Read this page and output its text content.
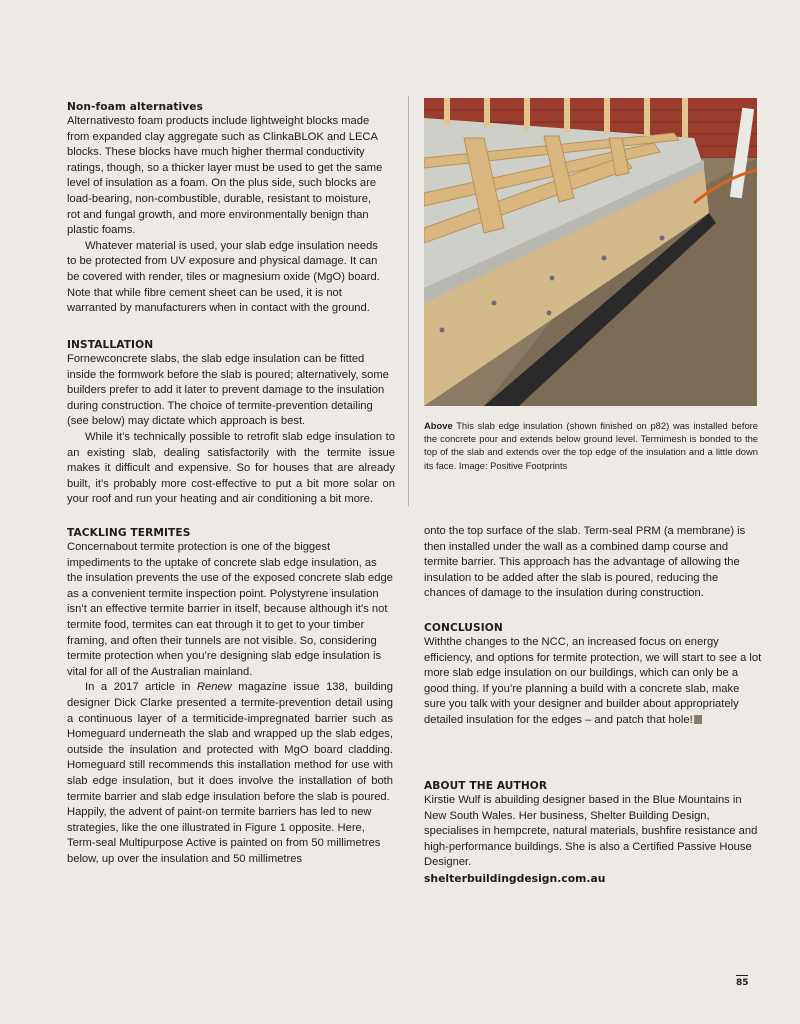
Non-foam alternatives

Alternativesto foam products include lightweight blocks made from expanded clay aggregate such as ClinkaBLOK and LECA blocks. These blocks have much higher thermal conductivity ratings, though, so a thicker layer must be used to get the same level of insulation as a foam. On the plus side, such blocks are load-bearing, non-combustible, durable, resistant to moisture, rot and fungal growth, and more environmentally benign than plastic foams.

Whatever material is used, your slab edge insulation needs to be protected from UV exposure and physical damage. It can be covered with render, tiles or magnesium oxide (MgO) board. Note that while fibre cement sheet can be used, it is not warranted by manufacturers when in contact with the ground.

INSTALLATION

Fornewconcrete slabs, the slab edge insulation can be fitted inside the formwork before the slab is poured; alternatively, some builders prefer to add it later to prevent damage to the insulation during construction. The choice of termite-prevention detailing (see below) may dictate which approach is best.

While it’s technically possible to retrofit slab edge insulation to an existing slab, dealing satisfactorily with the termite issue makes it difficult and expensive. So for houses that are already built, it’s probably more cost-effective to put a bit more solar on your roof and run your heating and air conditioning a bit more.

Above This slab edge insulation (shown finished on p82) was installed before the concrete pour and extends below ground level. Termimesh is bonded to the top of the slab and extends over the top edge of the insulation and a little down its face. Image: Positive Footprints
TACKLING TERMITES

Concernabout termite protection is one of the biggest impediments to the uptake of concrete slab edge insulation, as the insulation prevents the use of the exposed concrete slab edge as a convenient termite inspection point. Polystyrene insulation isn’t an effective termite barrier in itself, because although it’s not termite food, termites can eat through it to get to your timber framing, and often their tunnels are not visible. So, considering termite protection when you’re designing slab edge insulation is vital for all of the Australian mainland.

In a 2017 article in Renew magazine issue 138, building designer Dick Clarke presented a termite-prevention detail using a continuous layer of a termiticide-impregnated barrier such as Homeguard underneath the slab and wrapped up the slab edges, outside the insulation and protected with MgO board cladding. Homeguard still recommends this installation method for use with slab edge insulation, but it does involve the installation of both termite barrier and slab edge insulation before the slab is poured.

Happily, the advent of paint-on termite barriers has led to new strategies, like the one illustrated in Figure 1 opposite. Here, Term-seal Multipurpose Active is painted on from 50 millimetres below, up over the insulation and 50 millimetres

onto the top surface of the slab. Term-seal PRM (a membrane) is then installed under the wall as a combined damp course and termite barrier. This approach has the advantage of allowing the insulation to be added after the slab is poured, reducing the chances of damage to the insulation during construction.

CONCLUSION

Withthe changes to the NCC, an increased focus on energy efficiency, and options for termite protection, we will start to see a lot more slab edge insulation on our buildings, which can only be a good thing. If you’re planning a build with a concrete slab, make sure you talk with your designer and builder about appropriately detailed insulation for the edges – and patch that hole!

ABOUT THE AUTHOR

Kirstie Wulf is abuilding designer based in the Blue Mountains in New South Wales. Her business, Shelter Building Design, specialises in hempcrete, natural materials, bushfire resistance and high-performance buildings. She is also a Certified Passive House Designer.

shelterbuildingdesign.com.au

85
